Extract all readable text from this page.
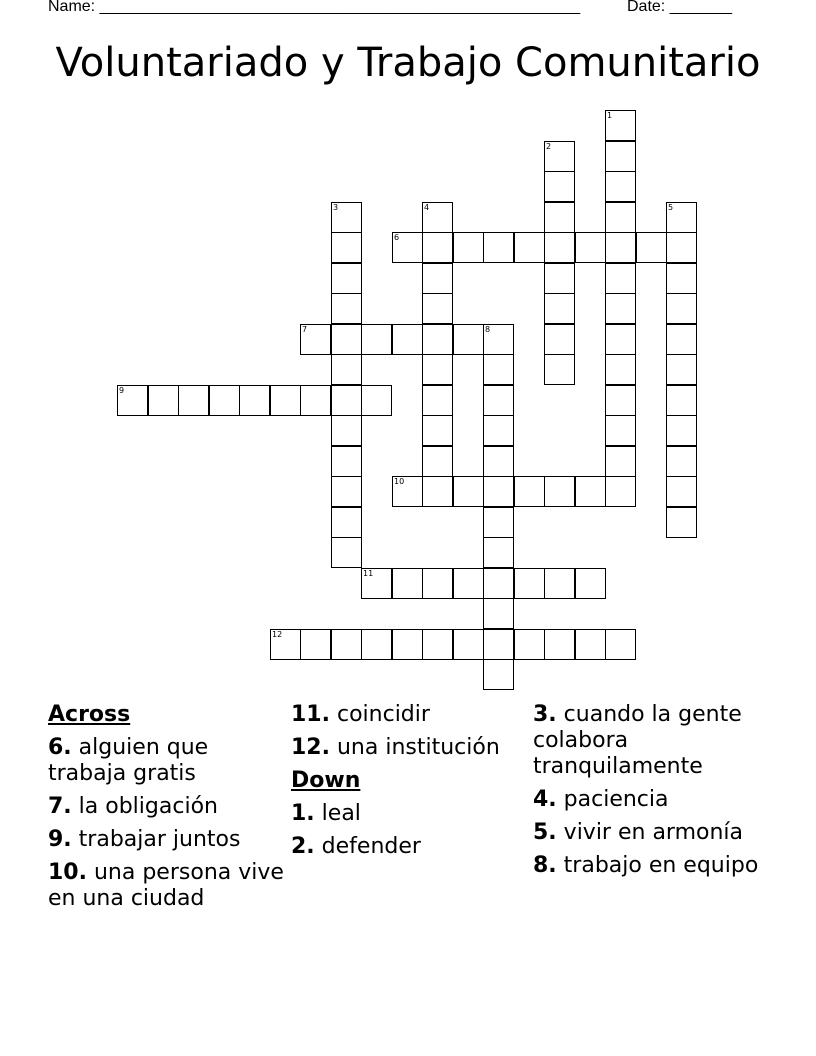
Name: ______________________________________________________	Date: _______
Voluntariado y Trabajo Comunitario
6
7	8
9
10
11
12
1
2
3	4	5
Across
6. alguien que trabaja gratis
7. la obligación
9. trabajar juntos
10. una persona vive en una ciudad
11. coincidir
12. una institución
Down
1. leal
2. defender
3. cuando la gente colabora tranquilamente
4. paciencia
5. vivir en armonía
8. trabajo en equipo
